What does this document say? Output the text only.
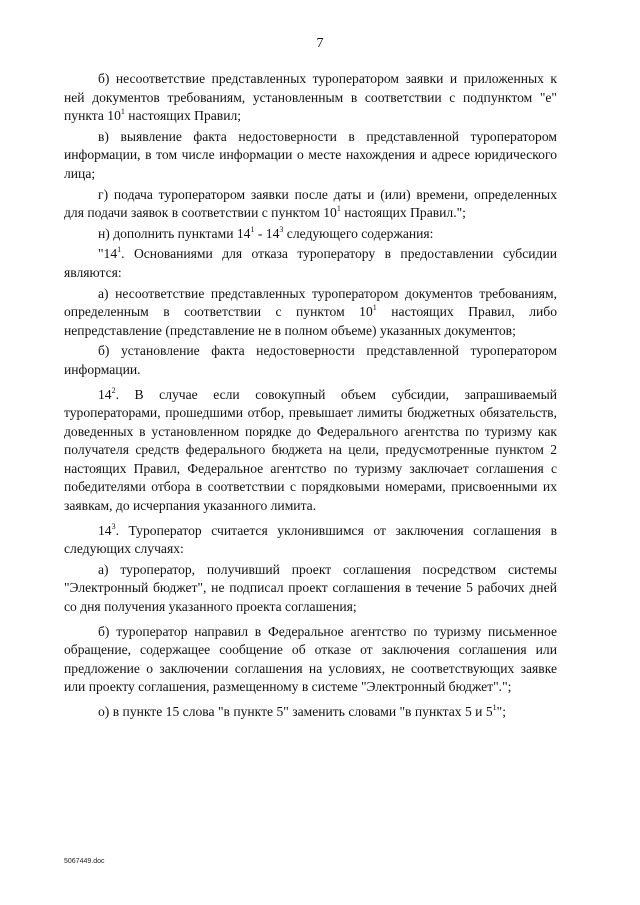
7

б) несоответствие представленных туроператором заявки и приложенных к ней документов требованиям, установленным в соответствии с подпунктом "е" пункта $10^1$ настоящих Правил;

в) выявление факта недостоверности в представленной туроператором информации, в том числе информации о месте нахождения и адресе юридического лица;

г) подача туроператором заявки после даты и (или) времени, определенных для подачи заявок в соответствии с пунктом $10^1$ настоящих Правил.";

н) дополнить пунктами $14^1 - 14^3$ следующего содержания:

"$14^1$. Основаниями для отказа туроператору в предоставлении субсидии являются:

а) несоответствие представленных туроператором документов требованиям, определенным в соответствии с пунктом $10^1$ настоящих Правил, либо непредставление (представление не в полном объеме) указанных документов;

б) установление факта недостоверности представленной туроператором информации.

$14^2$. В случае если совокупный объем субсидии, запрашиваемый туроператорами, прошедшими отбор, превышает лимиты бюджетных обязательств, доведенных в установленном порядке до Федерального агентства по туризму как получателя средств федерального бюджета на цели, предусмотренные пунктом 2 настоящих Правил, Федеральное агентство по туризму заключает соглашения с победителями отбора в соответствии с порядковыми номерами, присвоенными их заявкам, до исчерпания указанного лимита.

$14^3$. Туроператор считается уклонившимся от заключения соглашения в следующих случаях:

а) туроператор, получивший проект соглашения посредством системы "Электронный бюджет", не подписал проект соглашения в течение 5 рабочих дней со дня получения указанного проекта соглашения;

б) туроператор направил в Федеральное агентство по туризму письменное обращение, содержащее сообщение об отказе от заключения соглашения или предложение о заключении соглашения на условиях, не соответствующих заявке или проекту соглашения, размещенному в системе "Электронный бюджет".";

о) в пункте 15 слова "в пункте 5" заменить словами "в пунктах 5 и $5^1$";

5067449.doc
